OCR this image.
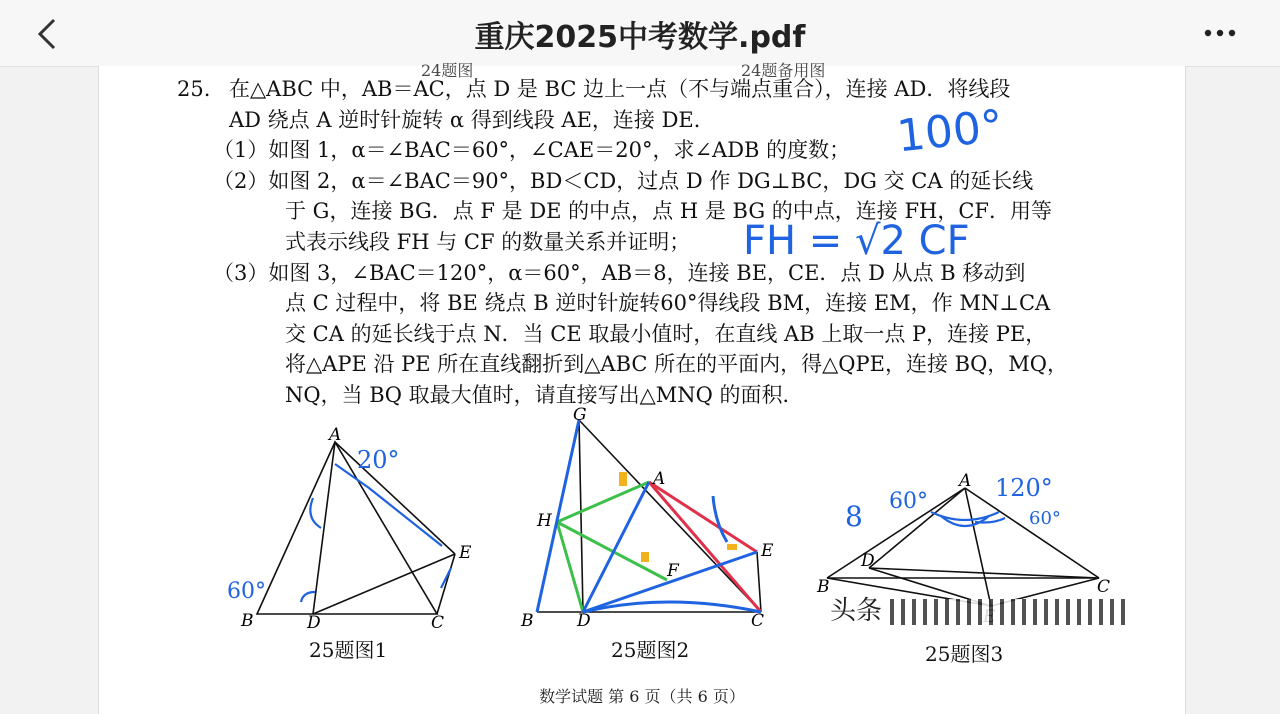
重庆2025中考数学.pdf
24题图	24题备用图
25. 在△ABC 中，AB＝AC，点 D 是 BC 边上一点（不与端点重合），连接 AD．将线段
AD 绕点 A 逆时针旋转 α 得到线段 AE，连接 DE．
（1）如图 1，α＝∠BAC＝60°，∠CAE＝20°，求∠ADB 的度数；
（2）如图 2，α＝∠BAC＝90°，BD＜CD，过点 D 作 DG⊥BC，DG 交 CA 的延长线
于 G，连接 BG．点 F 是 DE 的中点，点 H 是 BG 的中点，连接 FH，CF．用等
式表示线段 FH 与 CF 的数量关系并证明；
（3）如图 3，∠BAC＝120°，α＝60°，AB＝8，连接 BE，CE．点 D 从点 B 移动到
点 C 过程中，将 BE 绕点 B 逆时针旋转60°得线段 BM，连接 EM，作 MN⊥CA
交 CA 的延长线于点 N．当 CE 取最小值时，在直线 AB 上取一点 P，连接 PE，
将△APE 沿 PE 所在直线翻折到△ABC 所在的平面内，得△QPE，连接 BQ，MQ，
NQ，当 BQ 取最大值时，请直接写出△MNQ 的面积．
100°
FH = √2 CF
A
B	D	C
E
20°
60°
25题图1
G
A
H
E
F
B	D	C
25题图2
A
B
D
C
8 60°	120°
60°
25题图3
数学试题 第 6 页（共 6 页）
头条
